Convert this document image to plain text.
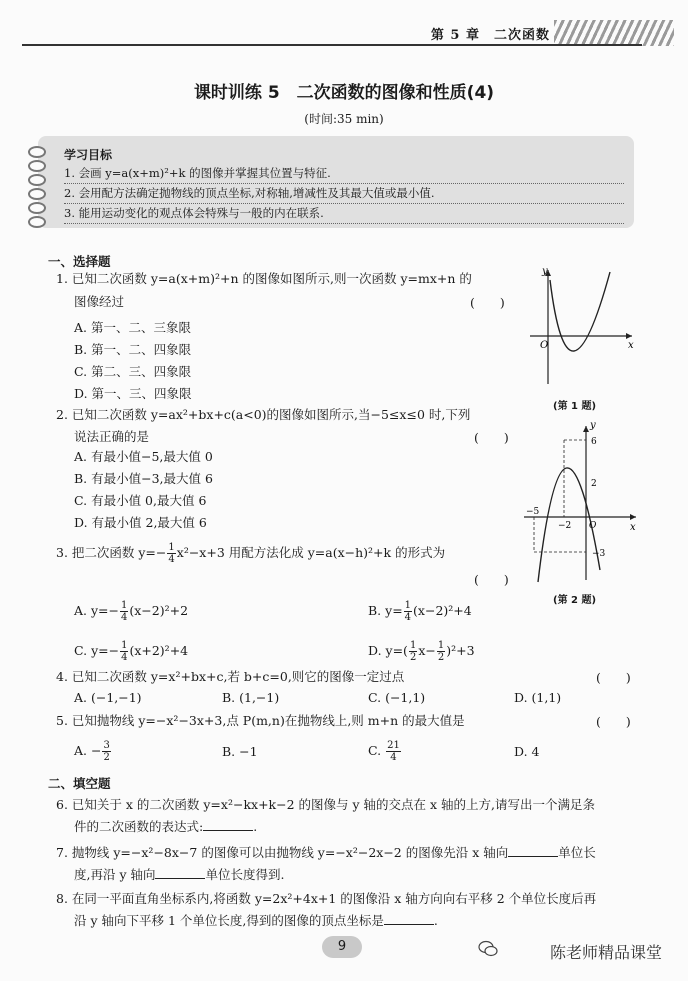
第 5 章　二次函数
课时训练 5　二次函数的图像和性质(4)
(时间:35 min)
学习目标
1. 会画 y=a(x+m)²+k 的图像并掌握其位置与特征.
2. 会用配方法确定抛物线的顶点坐标,对称轴,增减性及其最大值或最小值.
3. 能用运动变化的观点体会特殊与一般的内在联系.
一、选择题
1. 已知二次函数 y=a(x+m)²+n 的图像如图所示,则一次函数 y=mx+n 的
图像经过	(　　)
A. 第一、二、三象限
B. 第一、二、四象限
C. 第二、三、四象限
D. 第一、三、四象限
O	x
y
(第 1 题)
2. 已知二次函数 y=ax²+bx+c(a<0)的图像如图所示,当−5≤x≤0 时,下列
说法正确的是	(　　)
A. 有最小值−5,最大值 0
B. 有最小值−3,最大值 6
C. 有最小值 0,最大值 6
D. 有最小值 2,最大值 6
−5
−2
6
2
−3
O	x
y
(第 2 题)
3. 把二次函数 $y=- \frac{1}{4} x^2-x+3$ 用配方法化成 y=a(x−h)²+k 的形式为
(　　)
A. $y=- \frac{1}{4} (x-2)^2+2$	B. $y= \frac{1}{4} (x-2)^2+4$
C. $y=- \frac{1}{4} (x+2)^2+4$	D. $y=( \frac{1}{2} x- \frac{1}{2} )^2+3$
4. 已知二次函数 y=x²+bx+c,若 b+c=0,则它的图像一定过点	(　　)
A. (−1,−1)	B. (1,−1)	C. (−1,1)	D. (1,1)
5. 已知抛物线 y=−x²−3x+3,点 P(m,n)在抛物线上,则 m+n 的最大值是	(　　)
A. − $\frac{3}{2}$	B. −1	C. $\frac{21}{4}$	D. 4
二、填空题
6. 已知关于 x 的二次函数 y=x²−kx+k−2 的图像与 y 轴的交点在 x 轴的上方,请写出一个满足条
件的二次函数的表达式:	.
7. 抛物线 y=−x²−8x−7 的图像可以由抛物线 y=−x²−2x−2 的图像先沿 x 轴向	单位长
度,再沿 y 轴向	单位长度得到.
8. 在同一平面直角坐标系内,将函数 y=2x²+4x+1 的图像沿 x 轴方向向右平移 2 个单位长度后再
沿 y 轴向下平移 1 个单位长度,得到的图像的顶点坐标是	.
9	陈老师精品课堂
